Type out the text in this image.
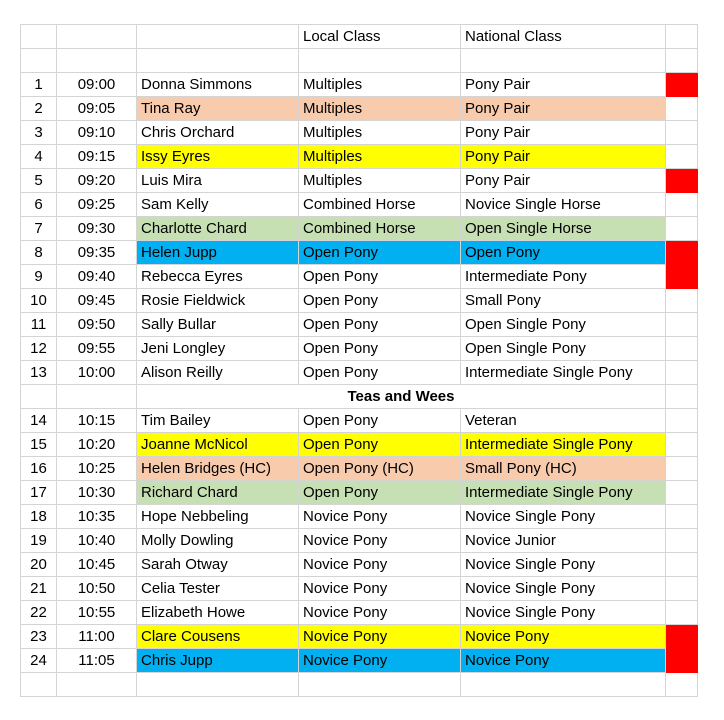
			Local Class	National Class	

1	09:00	Donna Simmons	Multiples	Pony Pair	
2	09:05	Tina Ray	Multiples	Pony Pair	
3	09:10	Chris Orchard	Multiples	Pony Pair	
4	09:15	Issy Eyres	Multiples	Pony Pair	
5	09:20	Luis Mira	Multiples	Pony Pair	
6	09:25	Sam Kelly	Combined Horse	Novice Single Horse	
7	09:30	Charlotte Chard	Combined Horse	Open Single Horse	
8	09:35	Helen Jupp	Open Pony	Open Pony	
9	09:40	Rebecca Eyres	Open Pony	Intermediate Pony	
10	09:45	Rosie Fieldwick	Open Pony	Small Pony	
11	09:50	Sally Bullar	Open Pony	Open Single Pony	
12	09:55	Jeni Longley	Open Pony	Open Single Pony	
13	10:00	Alison Reilly	Open Pony	Intermediate Single Pony	
		Teas and Wees			
14	10:15	Tim Bailey	Open Pony	Veteran	
15	10:20	Joanne McNicol	Open Pony	Intermediate Single Pony	
16	10:25	Helen Bridges (HC)	Open Pony (HC)	Small Pony (HC)	
17	10:30	Richard Chard	Open Pony	Intermediate Single Pony	
18	10:35	Hope Nebbeling	Novice Pony	Novice Single Pony	
19	10:40	Molly Dowling	Novice Pony	Novice Junior	
20	10:45	Sarah Otway	Novice Pony	Novice Single Pony	
21	10:50	Celia Tester	Novice Pony	Novice Single Pony	
22	10:55	Elizabeth Howe	Novice Pony	Novice Single Pony	
23	11:00	Clare Cousens	Novice Pony	Novice Pony	
24	11:05	Chris Jupp	Novice Pony	Novice Pony	
